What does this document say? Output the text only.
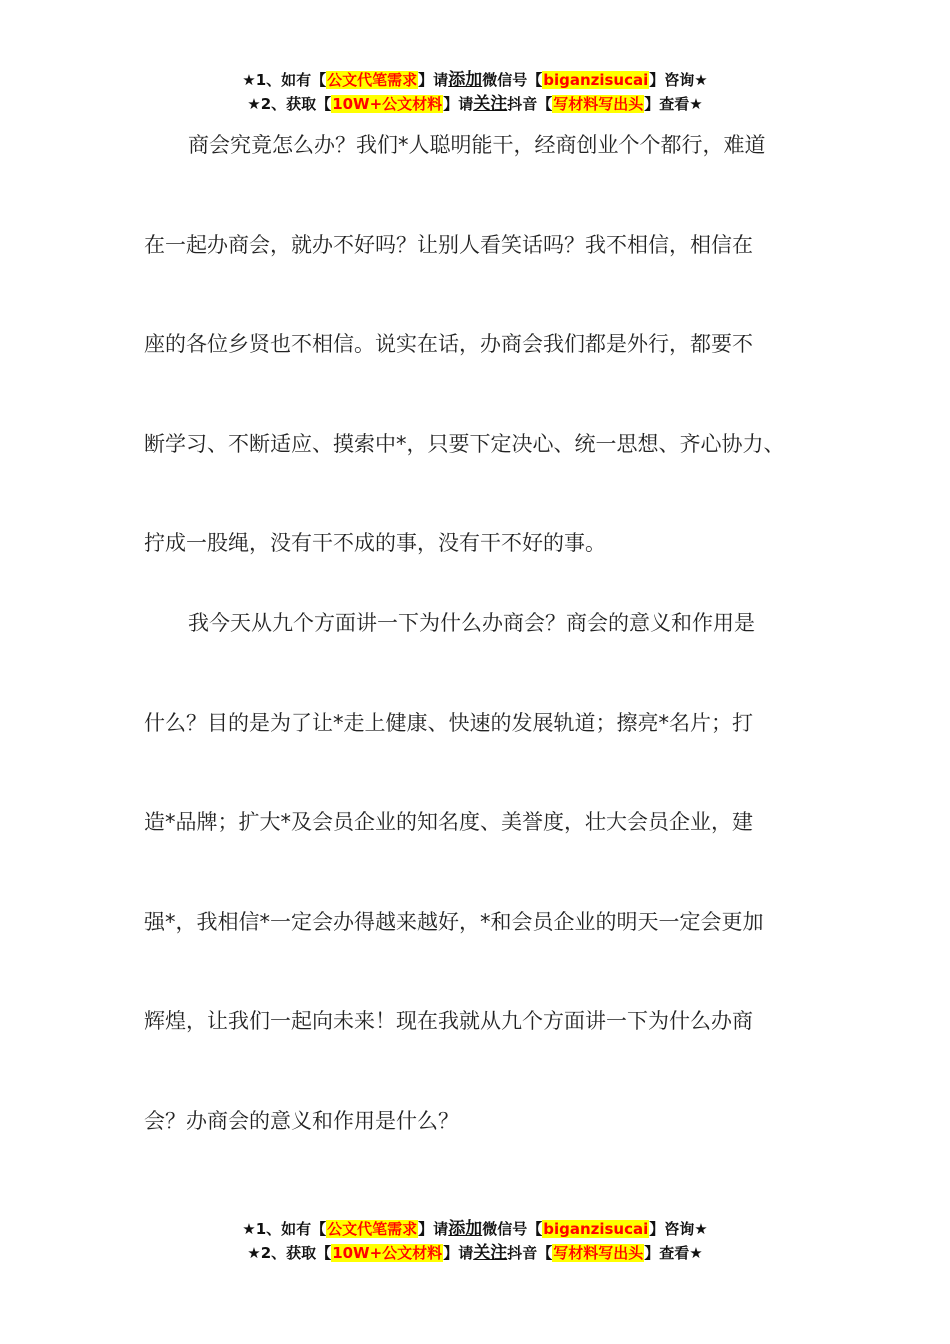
★1、如有【公文代笔需求】请添加微信号【biganzisucai】咨询★
★2、获取【10W+公文材料】请关注抖音【写材料写出头】查看★
商会究竟怎么办？我们*人聪明能干，经商创业个个都行，难道
在一起办商会，就办不好吗？让别人看笑话吗？我不相信，相信在
座的各位乡贤也不相信。说实在话，办商会我们都是外行，都要不
断学习、不断适应、摸索中*，只要下定决心、统一思想、齐心协力、
拧成一股绳，没有干不成的事，没有干不好的事。
我今天从九个方面讲一下为什么办商会？商会的意义和作用是
什么？目的是为了让*走上健康、快速的发展轨道；擦亮*名片；打
造*品牌；扩大*及会员企业的知名度、美誉度，壮大会员企业，建
强*，我相信*一定会办得越来越好，*和会员企业的明天一定会更加
辉煌，让我们一起向未来！现在我就从九个方面讲一下为什么办商
会？办商会的意义和作用是什么？
★1、如有【公文代笔需求】请添加微信号【biganzisucai】咨询★
★2、获取【10W+公文材料】请关注抖音【写材料写出头】查看★
